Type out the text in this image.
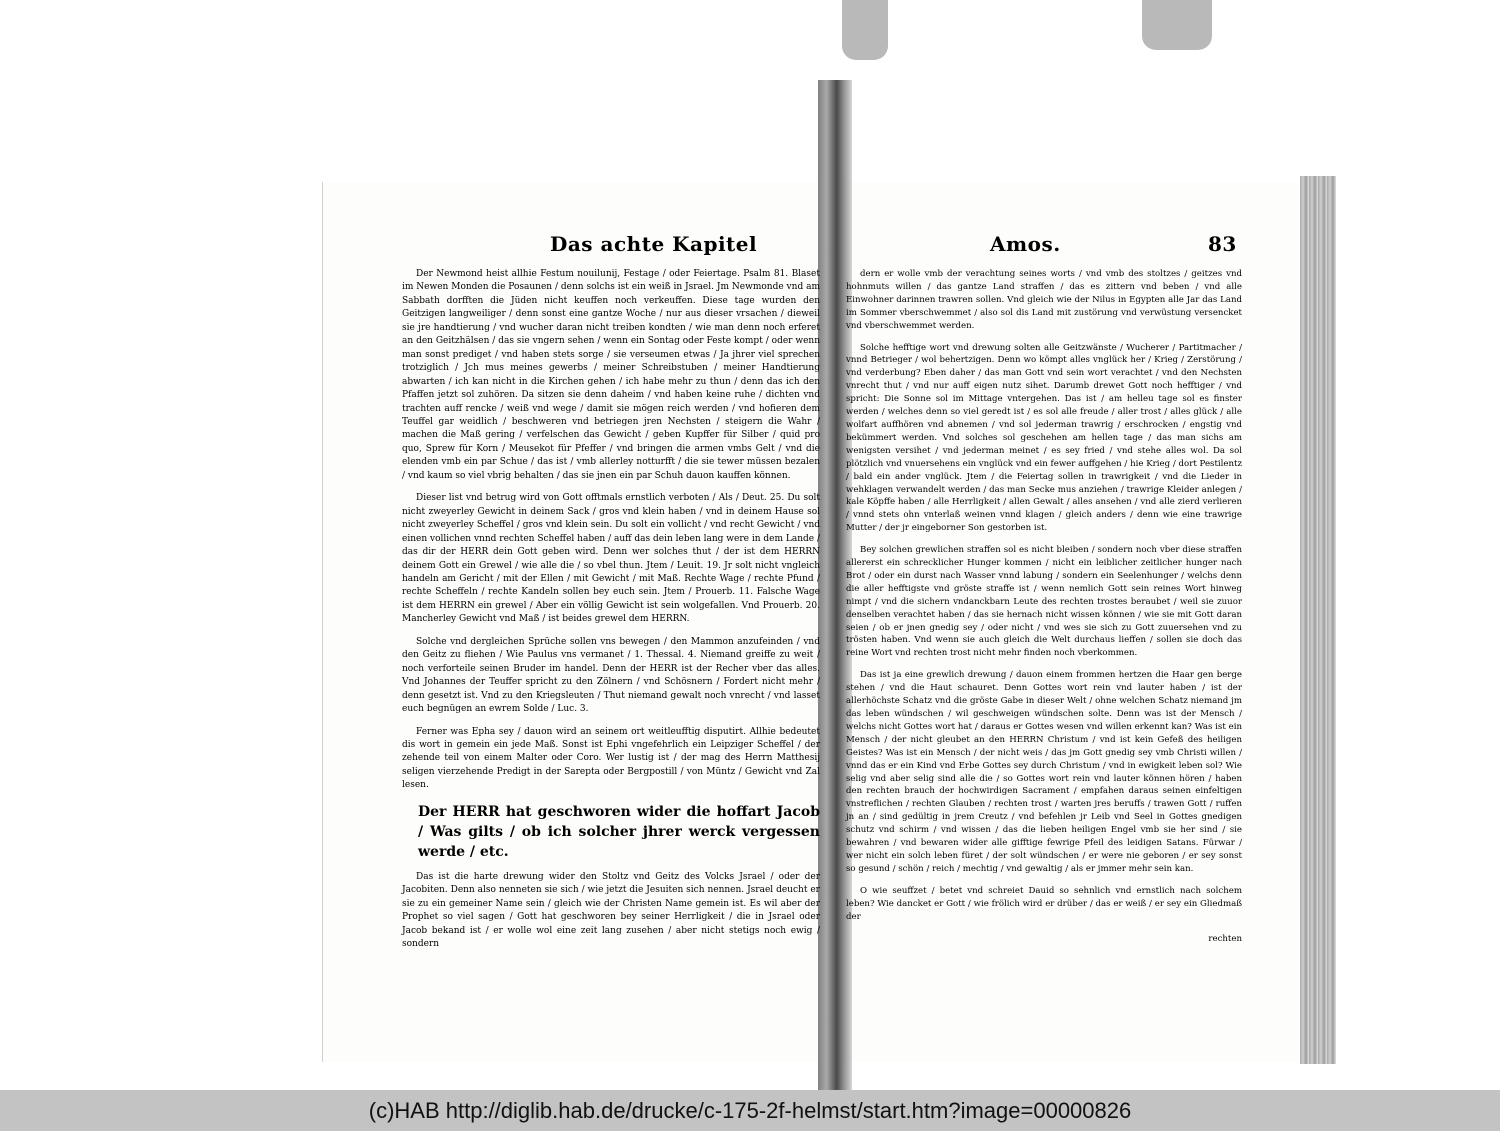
Das achte Kapitel	Amos.	83

Der Newmond heist allhie Festum nouilunij, Festage / oder Feiertage. Psalm 81. Blaset im Newen Monden die Posaunen / denn solchs ist ein weiß in Jsrael. Jm Newmonde vnd am Sabbath dorfften die Jüden nicht keuffen noch verkeuffen. Diese tage wurden den Geitzigen langweiliger / denn sonst eine gantze Woche / nur aus dieser vrsachen / dieweil sie jre handtierung / vnd wucher daran nicht treiben kondten / wie man denn noch erferet an den Geitzhälsen / das sie vngern sehen / wenn ein Sontag oder Feste kompt / oder wenn man sonst prediget / vnd haben stets sorge / sie verseumen etwas / Ja jhrer viel sprechen trotziglich / Jch mus meines gewerbs / meiner Schreibstuben / meiner Handtierung abwarten / ich kan nicht in die Kirchen gehen / ich habe mehr zu thun / denn das ich den Pfaffen jetzt sol zuhören. Da sitzen sie denn daheim / vnd haben keine ruhe / dichten vnd trachten auff rencke / weiß vnd wege / damit sie mögen reich werden / vnd hofieren dem Teuffel gar weidlich / beschweren vnd betriegen jren Nechsten / steigern die Wahr / machen die Maß gering / verfelschen das Gewicht / geben Kupffer für Silber / quid pro quo, Sprew für Korn / Meusekot für Pfeffer / vnd bringen die armen vmbs Gelt / vnd die elenden vmb ein par Schue / das ist / vmb allerley notturfft / die sie tewer müssen bezalen / vnd kaum so viel vbrig behalten / das sie jnen ein par Schuh dauon kauffen können.

Dieser list vnd betrug wird von Gott offtmals ernstlich verboten / Als / Deut. 25. Du solt nicht zweyerley Gewicht in deinem Sack / gros vnd klein haben / vnd in deinem Hause sol nicht zweyerley Scheffel / gros vnd klein sein. Du solt ein vollicht / vnd recht Gewicht / vnd einen vollichen vnnd rechten Scheffel haben / auff das dein leben lang were in dem Lande / das dir der HERR dein Gott geben wird. Denn wer solches thut / der ist dem HERRN deinem Gott ein Grewel / wie alle die / so vbel thun. Jtem / Leuit. 19. Jr solt nicht vngleich handeln am Gericht / mit der Ellen / mit Gewicht / mit Maß. Rechte Wage / rechte Pfund / rechte Scheffeln / rechte Kandeln sollen bey euch sein. Jtem / Prouerb. 11. Falsche Wage ist dem HERRN ein grewel / Aber ein völlig Gewicht ist sein wolgefallen. Vnd Prouerb. 20. Mancherley Gewicht vnd Maß / ist beides grewel dem HERRN.

Solche vnd dergleichen Sprüche sollen vns bewegen / den Mammon anzufeinden / vnd den Geitz zu fliehen / Wie Paulus vns vermanet / 1. Thessal. 4. Niemand greiffe zu weit / noch verforteile seinen Bruder im handel. Denn der HERR ist der Recher vber das alles. Vnd Johannes der Teuffer spricht zu den Zölnern / vnd Schösnern / Fordert nicht mehr / denn gesetzt ist. Vnd zu den Kriegsleuten / Thut niemand gewalt noch vnrecht / vnd lasset euch begnügen an ewrem Solde / Luc. 3.

Ferner was Epha sey / dauon wird an seinem ort weitleufftig disputirt. Allhie bedeutet dis wort in gemein ein jede Maß. Sonst ist Ephi vngefehrlich ein Leipziger Scheffel / der zehende teil von einem Malter oder Coro. Wer lustig ist / der mag des Herrn Matthesij seligen vierzehende Predigt in der Sarepta oder Bergpostill / von Müntz / Gewicht vnd Zal lesen.

Der HERR hat geschworen wider die hoffart Jacob / Was gilts / ob ich solcher jhrer werck vergessen werde / etc.

Das ist die harte drewung wider den Stoltz vnd Geitz des Volcks Jsrael / oder der Jacobiten. Denn also nenneten sie sich / wie jetzt die Jesuiten sich nennen. Jsrael deucht er sie zu ein gemeiner Name sein / gleich wie der Christen Name gemein ist. Es wil aber der Prophet so viel sagen / Gott hat geschworen bey seiner Herrligkeit / die in Jsrael oder Jacob bekand ist / er wolle wol eine zeit lang zusehen / aber nicht stetigs noch ewig / sondern

dern er wolle vmb der verachtung seines worts / vnd vmb des stoltzes / geitzes vnd hohnmuts willen / das gantze Land straffen / das es zittern vnd beben / vnd alle Einwohner darinnen trawren sollen. Vnd gleich wie der Nilus in Egypten alle Jar das Land im Sommer vberschwemmet / also sol dis Land mit zustörung vnd verwüstung versencket vnd vberschwemmet werden.

Solche hefftige wort vnd drewung solten alle Geitzwänste / Wucherer / Partitmacher / vnnd Betrieger / wol behertzigen. Denn wo kömpt alles vnglück her / Krieg / Zerstörung / vnd verderbung? Eben daher / das man Gott vnd sein wort verachtet / vnd den Nechsten vnrecht thut / vnd nur auff eigen nutz sihet. Darumb drewet Gott noch hefftiger / vnd spricht: Die Sonne sol im Mittage vntergehen. Das ist / am helleu tage sol es finster werden / welches denn so viel geredt ist / es sol alle freude / aller trost / alles glück / alle wolfart auffhören vnd abnemen / vnd sol jederman trawrig / erschrocken / engstig vnd bekümmert werden. Vnd solches sol geschehen am hellen tage / das man sichs am wenigsten versihet / vnd jederman meinet / es sey fried / vnd stehe alles wol. Da sol plötzlich vnd vnuersehens ein vnglück vnd ein fewer auffgehen / hie Krieg / dort Pestilentz / bald ein ander vnglück. Jtem / die Feiertag sollen in trawrigkeit / vnd die Lieder in wehklagen verwandelt werden / das man Secke mus anziehen / trawrige Kleider anlegen / kale Köpffe haben / alle Herrligkeit / allen Gewalt / alles ansehen / vnd alle zierd verlieren / vnnd stets ohn vnterlaß weinen vnnd klagen / gleich anders / denn wie eine trawrige Mutter / der jr eingeborner Son gestorben ist.

Bey solchen grewlichen straffen sol es nicht bleiben / sondern noch vber diese straffen allererst ein schrecklicher Hunger kommen / nicht ein leiblicher zeitlicher hunger nach Brot / oder ein durst nach Wasser vnnd labung / sondern ein Seelenhunger / welchs denn die aller hefftigste vnd gröste straffe ist / wenn nemlich Gott sein reines Wort hinweg nimpt / vnd die sichern vndanckbarn Leute des rechten trostes beraubet / weil sie zuuor denselben verachtet haben / das sie hernach nicht wissen können / wie sie mit Gott daran seien / ob er jnen gnedig sey / oder nicht / vnd wes sie sich zu Gott zuuersehen vnd zu trösten haben. Vnd wenn sie auch gleich die Welt durchaus lieffen / sollen sie doch das reine Wort vnd rechten trost nicht mehr finden noch vberkommen.

Das ist ja eine grewlich drewung / dauon einem frommen hertzen die Haar gen berge stehen / vnd die Haut schauret. Denn Gottes wort rein vnd lauter haben / ist der allerhöchste Schatz vnd die gröste Gabe in dieser Welt / ohne welchen Schatz niemand jm das leben wündschen / wil geschweigen wündschen solte. Denn was ist der Mensch / welchs nicht Gottes wort hat / daraus er Gottes wesen vnd willen erkennt kan? Was ist ein Mensch / der nicht gleubet an den HERRN Christum / vnd ist kein Gefeß des heiligen Geistes? Was ist ein Mensch / der nicht weis / das jm Gott gnedig sey vmb Christi willen / vnnd das er ein Kind vnd Erbe Gottes sey durch Christum / vnd in ewigkeit leben sol? Wie selig vnd aber selig sind alle die / so Gottes wort rein vnd lauter können hören / haben den rechten brauch der hochwirdigen Sacrament / empfahen daraus seinen einfeltigen vnstreflichen / rechten Glauben / rechten trost / warten jres beruffs / trawen Gott / ruffen jn an / sind gedültig in jrem Creutz / vnd befehlen jr Leib vnd Seel in Gottes gnedigen schutz vnd schirm / vnd wissen / das die lieben heiligen Engel vmb sie her sind / sie bewahren / vnd bewaren wider alle gifftige fewrige Pfeil des leidigen Satans. Fürwar / wer nicht ein solch leben füret / der solt wündschen / er were nie geboren / er sey sonst so gesund / schön / reich / mechtig / vnd gewaltig / als er jmmer mehr sein kan.

O wie seuffzet / betet vnd schreiet Dauid so sehnlich vnd ernstlich nach solchem leben? Wie dancket er Gott / wie frölich wird er drüber / das er weiß / er sey ein Gliedmaß der

rechten

(c)HAB http://diglib.hab.de/drucke/c-175-2f-helmst/start.htm?image=00000826
